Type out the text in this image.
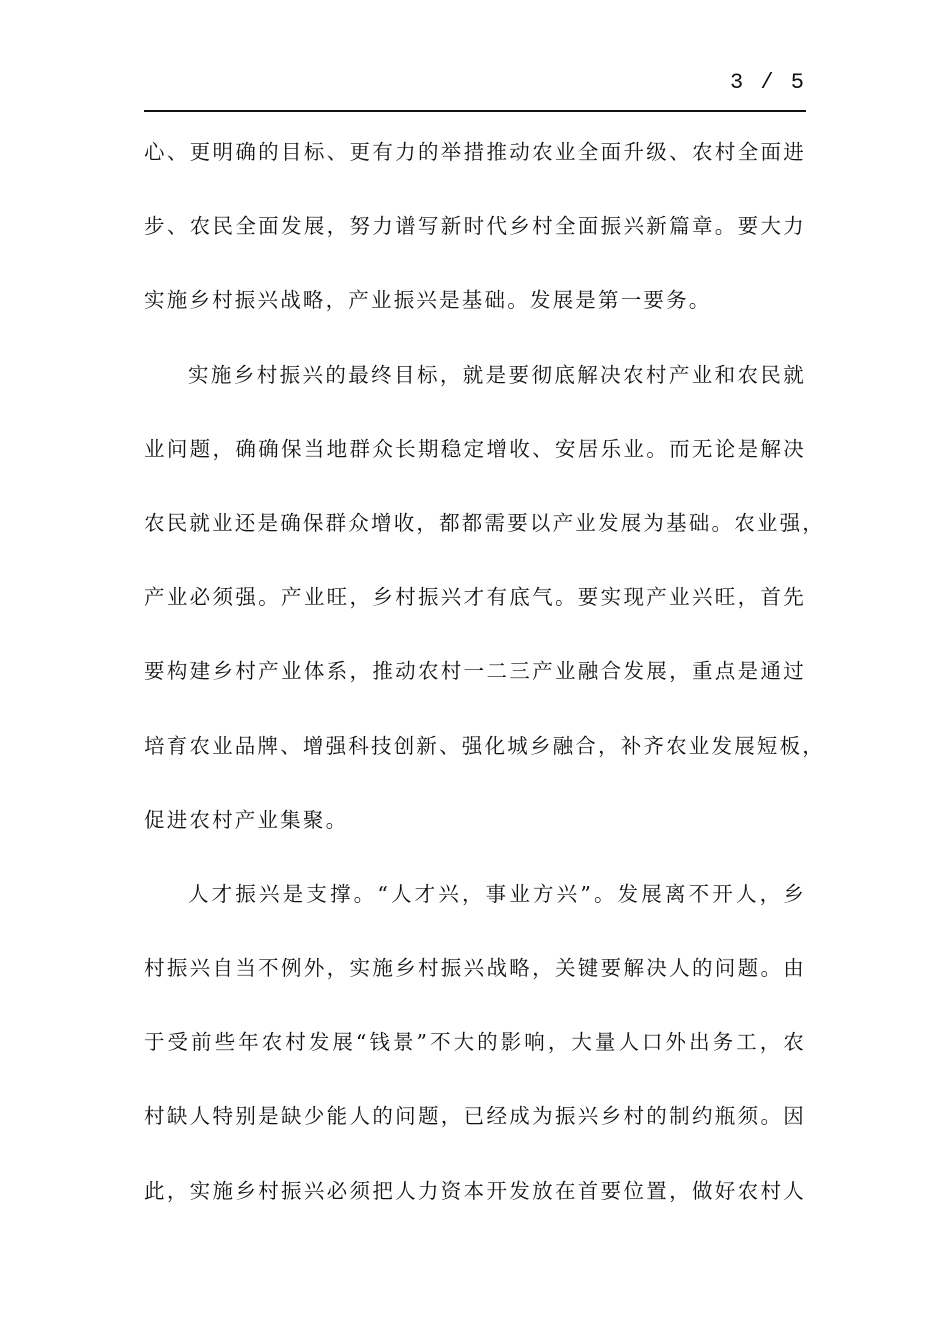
3 / 5
心、更明确的目标、更有力的举措推动农业全面升级、农村全面进
步、农民全面发展，努力谱写新时代乡村全面振兴新篇章。要大力
实施乡村振兴战略，产业振兴是基础。发展是第一要务。
实施乡村振兴的最终目标，就是要彻底解决农村产业和农民就
业问题，确确保当地群众长期稳定增收、安居乐业。而无论是解决
农民就业还是确保群众增收，都都需要以产业发展为基础。农业强，
产业必须强。产业旺，乡村振兴才有底气。要实现产业兴旺，首先
要构建乡村产业体系，推动农村一二三产业融合发展，重点是通过
培育农业品牌、增强科技创新、强化城乡融合，补齐农业发展短板，
促进农村产业集聚。
人才振兴是支撑。“人才兴，事业方兴”。发展离不开人，乡
村振兴自当不例外，实施乡村振兴战略，关键要解决人的问题。由
于受前些年农村发展“钱景”不大的影响，大量人口外出务工，农
村缺人特别是缺少能人的问题，已经成为振兴乡村的制约瓶须。因
此，实施乡村振兴必须把人力资本开发放在首要位置，做好农村人
